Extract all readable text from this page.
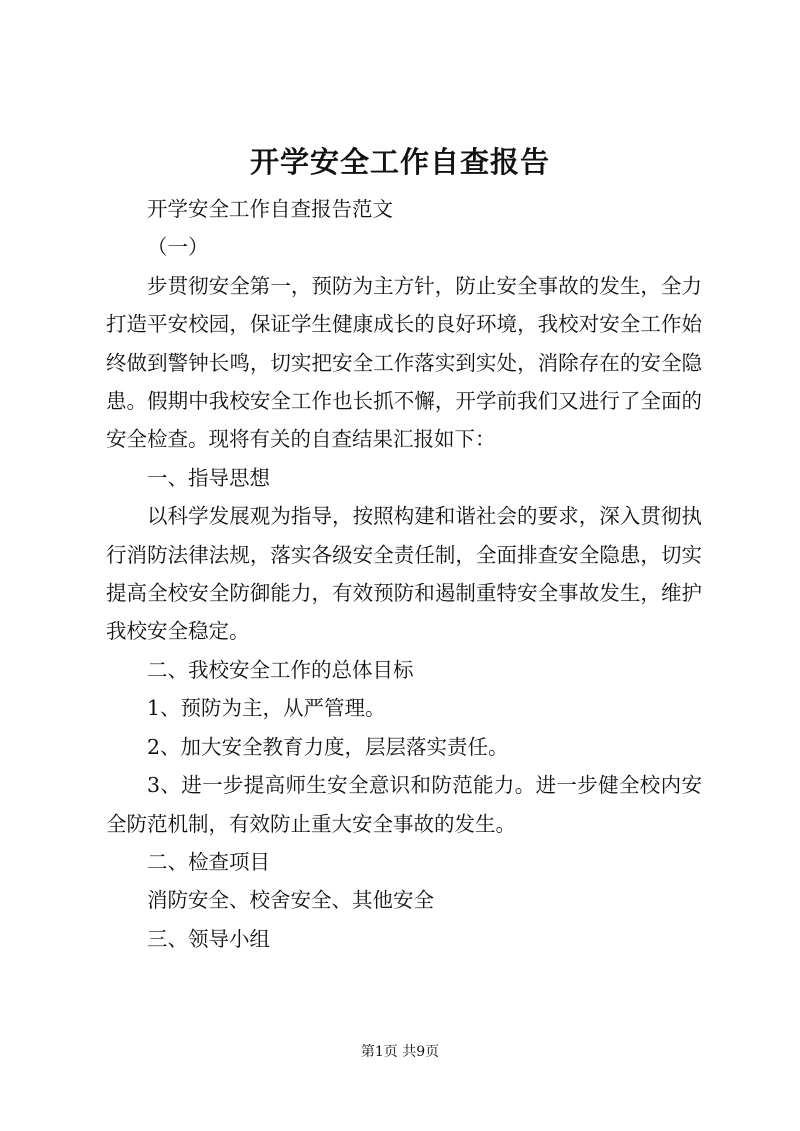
开学安全工作自查报告

开学安全工作自查报告范文

（一）

步贯彻安全第一，预防为主方针，防止安全事故的发生，全力打造平安校园，保证学生健康成长的良好环境，我校对安全工作始终做到警钟长鸣，切实把安全工作落实到实处，消除存在的安全隐患。假期中我校安全工作也长抓不懈，开学前我们又进行了全面的安全检查。现将有关的自查结果汇报如下：

一、指导思想

以科学发展观为指导，按照构建和谐社会的要求，深入贯彻执行消防法律法规，落实各级安全责任制，全面排查安全隐患，切实提高全校安全防御能力，有效预防和遏制重特安全事故发生，维护我校安全稳定。

二、我校安全工作的总体目标

1、预防为主，从严管理。

2、加大安全教育力度，层层落实责任。

3、进一步提高师生安全意识和防范能力。进一步健全校内安全防范机制，有效防止重大安全事故的发生。

二、检查项目

消防安全、校舍安全、其他安全

三、领导小组

第1页 共9页
